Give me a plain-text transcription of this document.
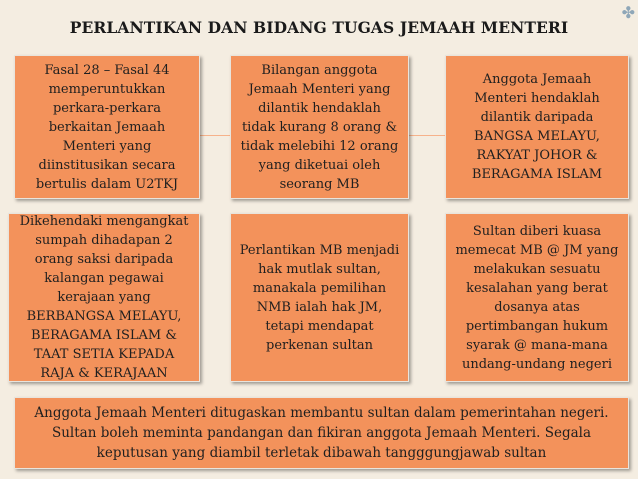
✤
PERLANTIKAN DAN BIDANG TUGAS JEMAAH MENTERI
Fasal 28 – Fasal 44
memperuntukkan
perkara-perkara
berkaitan Jemaah
Menteri yang
diinstitusikan secara
bertulis dalam U2TKJ
Bilangan anggota
Jemaah Menteri yang
dilantik hendaklah
tidak kurang 8 orang &
tidak melebihi 12 orang
yang diketuai oleh
seorang MB
Anggota Jemaah
Menteri hendaklah
dilantik daripada
BANGSA MELAYU,
RAKYAT JOHOR &
BERAGAMA ISLAM
Dikehendaki mengangkat
sumpah dihadapan 2
orang saksi daripada
kalangan pegawai
kerajaan yang
BERBANGSA MELAYU,
BERAGAMA ISLAM &
TAAT SETIA KEPADA
RAJA & KERAJAAN
Perlantikan MB menjadi
hak mutlak sultan,
manakala pemilihan
NMB ialah hak JM,
tetapi mendapat
perkenan sultan
Sultan diberi kuasa
memecat MB @ JM yang
melakukan sesuatu
kesalahan yang berat
dosanya atas
pertimbangan hukum
syarak @ mana-mana
undang-undang negeri
Anggota Jemaah Menteri ditugaskan membantu sultan dalam pemerintahan negeri.
Sultan boleh meminta pandangan dan fikiran anggota Jemaah Menteri. Segala
keputusan yang diambil terletak dibawah tangggungjawab sultan
